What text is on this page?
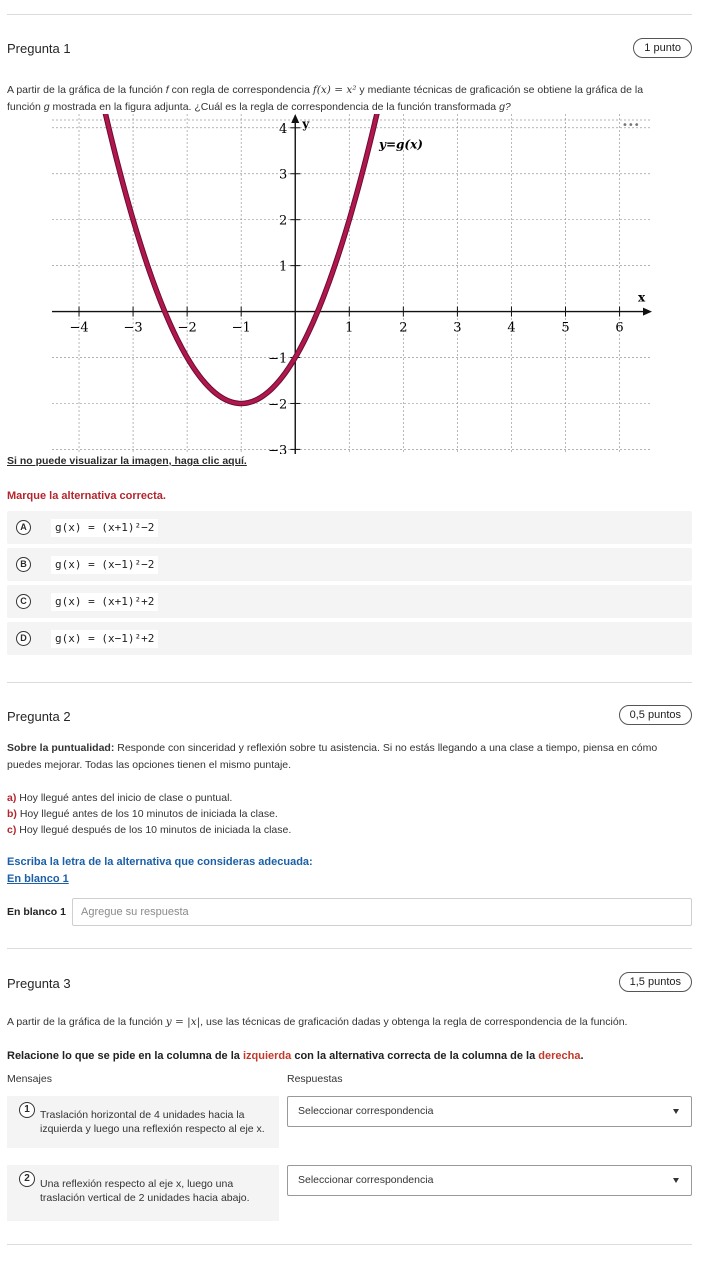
Pregunta 1	1 punto
A partir de la gráfica de la función f con regla de correspondencia f(x) = x² y mediante técnicas de graficación se obtiene la gráfica de la
función g mostrada en la figura adjunta. ¿Cuál es la regla de correspondencia de la función transformada g?
x
y
−4	−3	−2	−1	1	2	3	4	5	6
−3
−2
−1
1
2
3
4
y=g(x)
•••
Si no puede visualizar la imagen, haga clic aquí.
Marque la alternativa correcta.
A	g(x) = (x+1)²−2
B	g(x) = (x−1)²−2
C	g(x) = (x+1)²+2
D	g(x) = (x−1)²+2
Pregunta 2	0,5 puntos
Sobre la puntualidad: Responde con sinceridad y reflexión sobre tu asistencia. Si no estás llegando a una clase a tiempo, piensa en cómo
puedes mejorar. Todas las opciones tienen el mismo puntaje.
a) Hoy llegué antes del inicio de clase o puntual.
b) Hoy llegué antes de los 10 minutos de iniciada la clase.
c) Hoy llegué después de los 10 minutos de iniciada la clase.
Escriba la letra de la alternativa que consideras adecuada:
En blanco 1
En blanco 1
Agregue su respuesta
Pregunta 3	1,5 puntos
A partir de la gráfica de la función y = |x|, use las técnicas de graficación dadas y obtenga la regla de correspondencia de la función.
Relacione lo que se pide en la columna de la izquierda con la alternativa correcta de la columna de la derecha.
Mensajes	Respuestas
1 Traslación horizontal de 4 unidades hacia la izquierda y luego una reflexión respecto al eje x.
Seleccionar correspondencia
2 Una reflexión respecto al eje x, luego una traslación vertical de 2 unidades hacia abajo.
Seleccionar correspondencia
